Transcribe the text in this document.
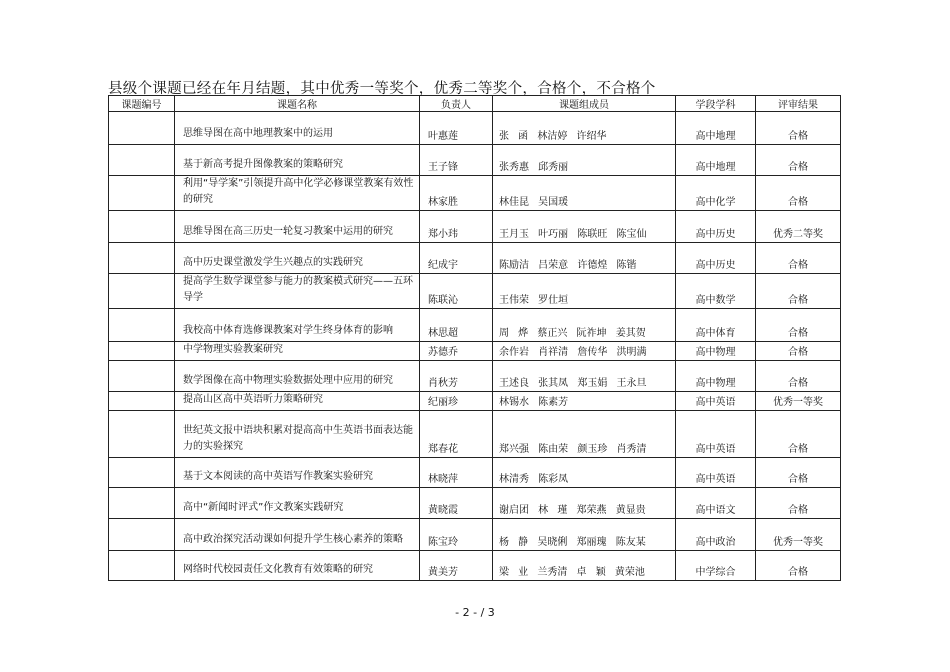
县级个课题已经在年月结题，其中优秀一等奖个，优秀二等奖个，合格个，不合格个
课题编号	课题名称	负责人	课题组成员	学段学科	评审结果
	思维导图在高中地理教案中的运用	叶惠莲	张 函 林洁婷 许绍华	高中地理	合格
	基于新高考提升图像教案的策略研究	王子锋	张秀惠 邱秀丽	高中地理	合格
	利用“导学案”引领提升高中化学必修课堂教案有效性的研究	林家胜	林佳昆 吴国瑗	高中化学	合格
	思维导图在高三历史一轮复习教案中运用的研究	郑小玮	王月玉 叶巧丽 陈联旺 陈宝仙	高中历史	优秀二等奖
	高中历史课堂激发学生兴趣点的实践研究	纪成宇	陈励洁 吕荣意 许德煌 陈锴	高中历史	合格
	提高学生数学课堂参与能力的教案模式研究——五环导学	陈联沁	王伟荣 罗仕垣	高中数学	合格
	我校高中体育选修课教案对学生终身体育的影响	林思超	周 烨 蔡正兴 阮祚坤 姜其贺	高中体育	合格
	中学物理实验教案研究	苏德乔	余作岩 肖祥清 詹传华 洪明满	高中物理	合格
	数学图像在高中物理实验数据处理中应用的研究	肖秋芳	王述良 张其凤 郑玉娟 王永旦	高中物理	合格
	提高山区高中英语听力策略研究	纪丽珍	林锡水 陈素芳	高中英语	优秀一等奖
	世纪英文报中语块积累对提高高中生英语书面表达能力的实验探究	郑春花	郑兴强 陈由荣 颜玉珍 肖秀清	高中英语	合格
	基于文本阅读的高中英语写作教案实验研究	林晓萍	林清秀 陈彩凤	高中英语	合格
	高中“新闻时评式”作文教案实践研究	黄晓霞	谢启团 林 瑾 郑荣燕 黄显贵	高中语文	合格
	高中政治探究活动课如何提升学生核心素养的策略	陈宝玲	杨 静 吴晓俐 郑丽瑰 陈友某	高中政治	优秀一等奖
	网络时代校园责任文化教育有效策略的研究	黄美芳	梁 业 兰秀清 卓 颖 黄荣池	中学综合	合格
- 2 - / 3
